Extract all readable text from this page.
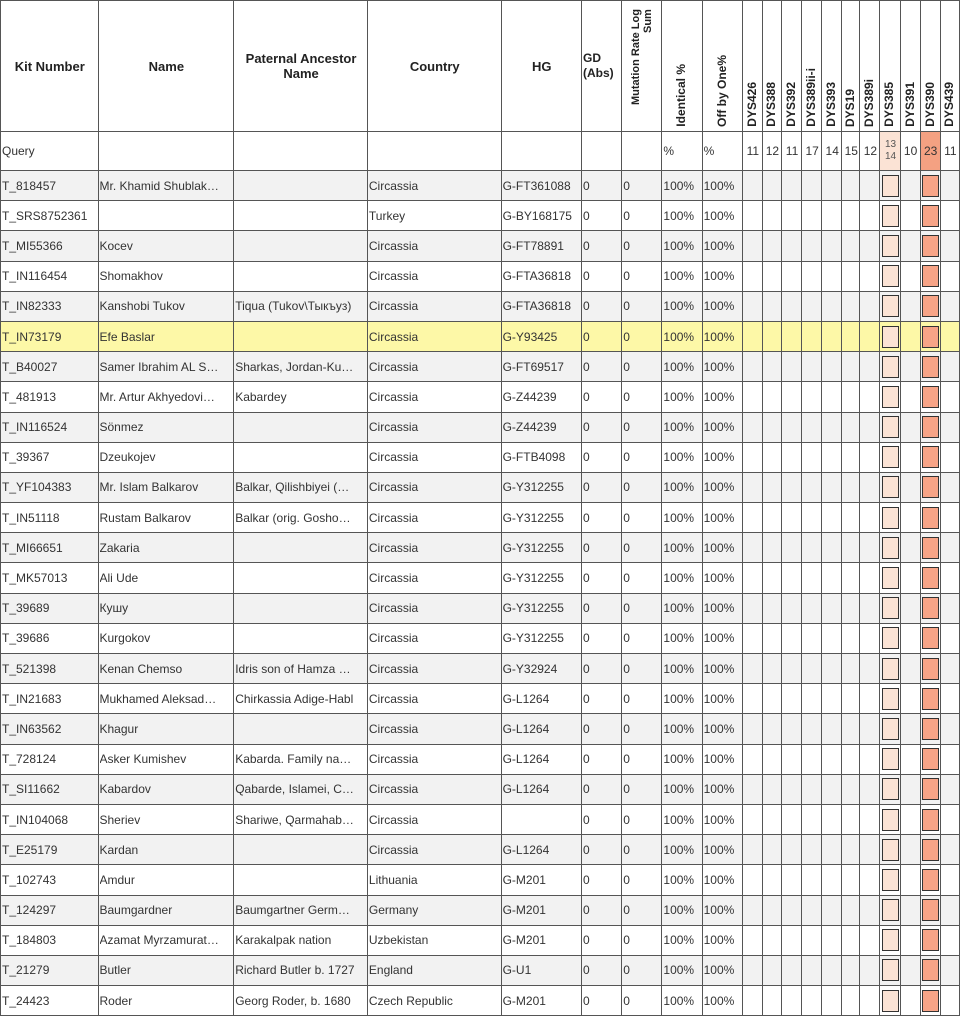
Kit Number	Name	Paternal Ancestor Name	Country	HG	GD (Abs)	Mutation Rate Log Sum	Identical %	Off by One%	DYS426	DYS388	DYS392	DYS389ii-i	DYS393	DYS19	DYS389i	DYS385	DYS391	DYS390	DYS439

Query							%	%	11	12	11	17	14	15	12	13 14	10	23	11

T_818457	Mr. Khamid Shublak…		Circassia	G-FT361088	0	0	100%	100%											

T_SRS8752361			Turkey	G-BY168175	0	0	100%	100%											

T_MI55366	Kocev		Circassia	G-FT78891	0	0	100%	100%											

T_IN116454	Shomakhov		Circassia	G-FTA36818	0	0	100%	100%											

T_IN82333	Kanshobi Tukov	Tiqua (Tukov\Тыкъуз)	Circassia	G-FTA36818	0	0	100%	100%											

T_IN73179	Efe Baslar		Circassia	G-Y93425	0	0	100%	100%											

T_B40027	Samer Ibrahim AL S…	Sharkas, Jordan-Ku…	Circassia	G-FT69517	0	0	100%	100%											

T_481913	Mr. Artur Akhyedovi…	Kabardey	Circassia	G-Z44239	0	0	100%	100%											

T_IN116524	Sönmez		Circassia	G-Z44239	0	0	100%	100%											

T_39367	Dzeukojev		Circassia	G-FTB4098	0	0	100%	100%											

T_YF104383	Mr. Islam Balkarov	Balkar, Qilishbiyei (…	Circassia	G-Y312255	0	0	100%	100%											

T_IN51118	Rustam Balkarov	Balkar (orig. Gosho…	Circassia	G-Y312255	0	0	100%	100%											

T_MI66651	Zakaria		Circassia	G-Y312255	0	0	100%	100%											

T_MK57013	Ali Ude		Circassia	G-Y312255	0	0	100%	100%											

T_39689	Кушу		Circassia	G-Y312255	0	0	100%	100%											

T_39686	Kurgokov		Circassia	G-Y312255	0	0	100%	100%											

T_521398	Kenan Chemso	Idris son of Hamza …	Circassia	G-Y32924	0	0	100%	100%											

T_IN21683	Mukhamed Aleksad…	Chirkassia Adige-Habl	Circassia	G-L1264	0	0	100%	100%											

T_IN63562	Khagur		Circassia	G-L1264	0	0	100%	100%											

T_728124	Asker Kumishev	Kabarda. Family na…	Circassia	G-L1264	0	0	100%	100%											

T_SI11662	Kabardov	Qabarde, Islamei, C…	Circassia	G-L1264	0	0	100%	100%											

T_IN104068	Sheriev	Shariwe, Qarmahab…	Circassia		0	0	100%	100%											

T_E25179	Kardan		Circassia	G-L1264	0	0	100%	100%											

T_102743	Amdur		Lithuania	G-M201	0	0	100%	100%											

T_124297	Baumgardner	Baumgartner Germ…	Germany	G-M201	0	0	100%	100%											

T_184803	Azamat Myrzamurat…	Karakalpak nation	Uzbekistan	G-M201	0	0	100%	100%											

T_21279	Butler	Richard Butler b. 1727	England	G-U1	0	0	100%	100%											

T_24423	Roder	Georg Roder, b. 1680	Czech Republic	G-M201	0	0	100%	100%											
